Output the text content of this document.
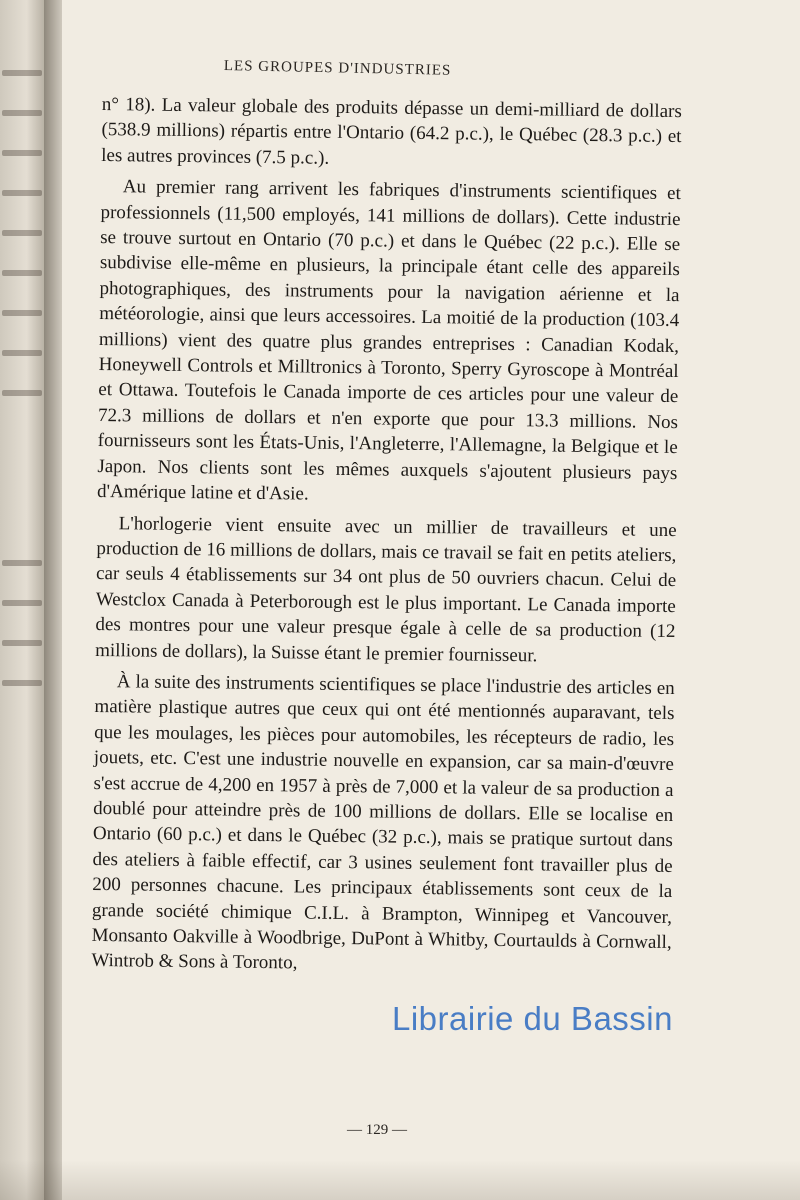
LES GROUPES D'INDUSTRIES

n° 18). La valeur globale des produits dépasse un demi-milliard de dollars (538.9 millions) répartis entre l'Ontario (64.2 p.c.), le Québec (28.3 p.c.) et les autres provinces (7.5 p.c.).

Au premier rang arrivent les fabriques d'instruments scientifiques et professionnels (11,500 employés, 141 millions de dollars). Cette industrie se trouve surtout en Ontario (70 p.c.) et dans le Québec (22 p.c.). Elle se subdivise elle-même en plusieurs, la principale étant celle des appareils photographiques, des instruments pour la navigation aérienne et la météorologie, ainsi que leurs accessoires. La moitié de la production (103.4 millions) vient des quatre plus grandes entreprises : Canadian Kodak, Honeywell Controls et Milltronics à Toronto, Sperry Gyroscope à Montréal et Ottawa. Toutefois le Canada importe de ces articles pour une valeur de 72.3 millions de dollars et n'en exporte que pour 13.3 millions. Nos fournisseurs sont les États-Unis, l'Angleterre, l'Allemagne, la Belgique et le Japon. Nos clients sont les mêmes auxquels s'ajoutent plusieurs pays d'Amérique latine et d'Asie.

L'horlogerie vient ensuite avec un millier de travailleurs et une production de 16 millions de dollars, mais ce travail se fait en petits ateliers, car seuls 4 établissements sur 34 ont plus de 50 ouvriers chacun. Celui de Westclox Canada à Peterborough est le plus important. Le Canada importe des montres pour une valeur presque égale à celle de sa production (12 millions de dollars), la Suisse étant le premier fournisseur.

À la suite des instruments scientifiques se place l'industrie des articles en matière plastique autres que ceux qui ont été mentionnés auparavant, tels que les moulages, les pièces pour automobiles, les récepteurs de radio, les jouets, etc. C'est une industrie nouvelle en expansion, car sa main-d'œuvre s'est accrue de 4,200 en 1957 à près de 7,000 et la valeur de sa production a doublé pour atteindre près de 100 millions de dollars. Elle se localise en Ontario (60 p.c.) et dans le Québec (32 p.c.), mais se pratique surtout dans des ateliers à faible effectif, car 3 usines seulement font travailler plus de 200 personnes chacune. Les principaux établissements sont ceux de la grande société chimique C.I.L. à Brampton, Winnipeg et Vancouver, Monsanto Oakville à Woodbrige, DuPont à Whitby, Courtaulds à Cornwall, Wintrob & Sons à Toronto,

— 129 —
Librairie du Bassin
